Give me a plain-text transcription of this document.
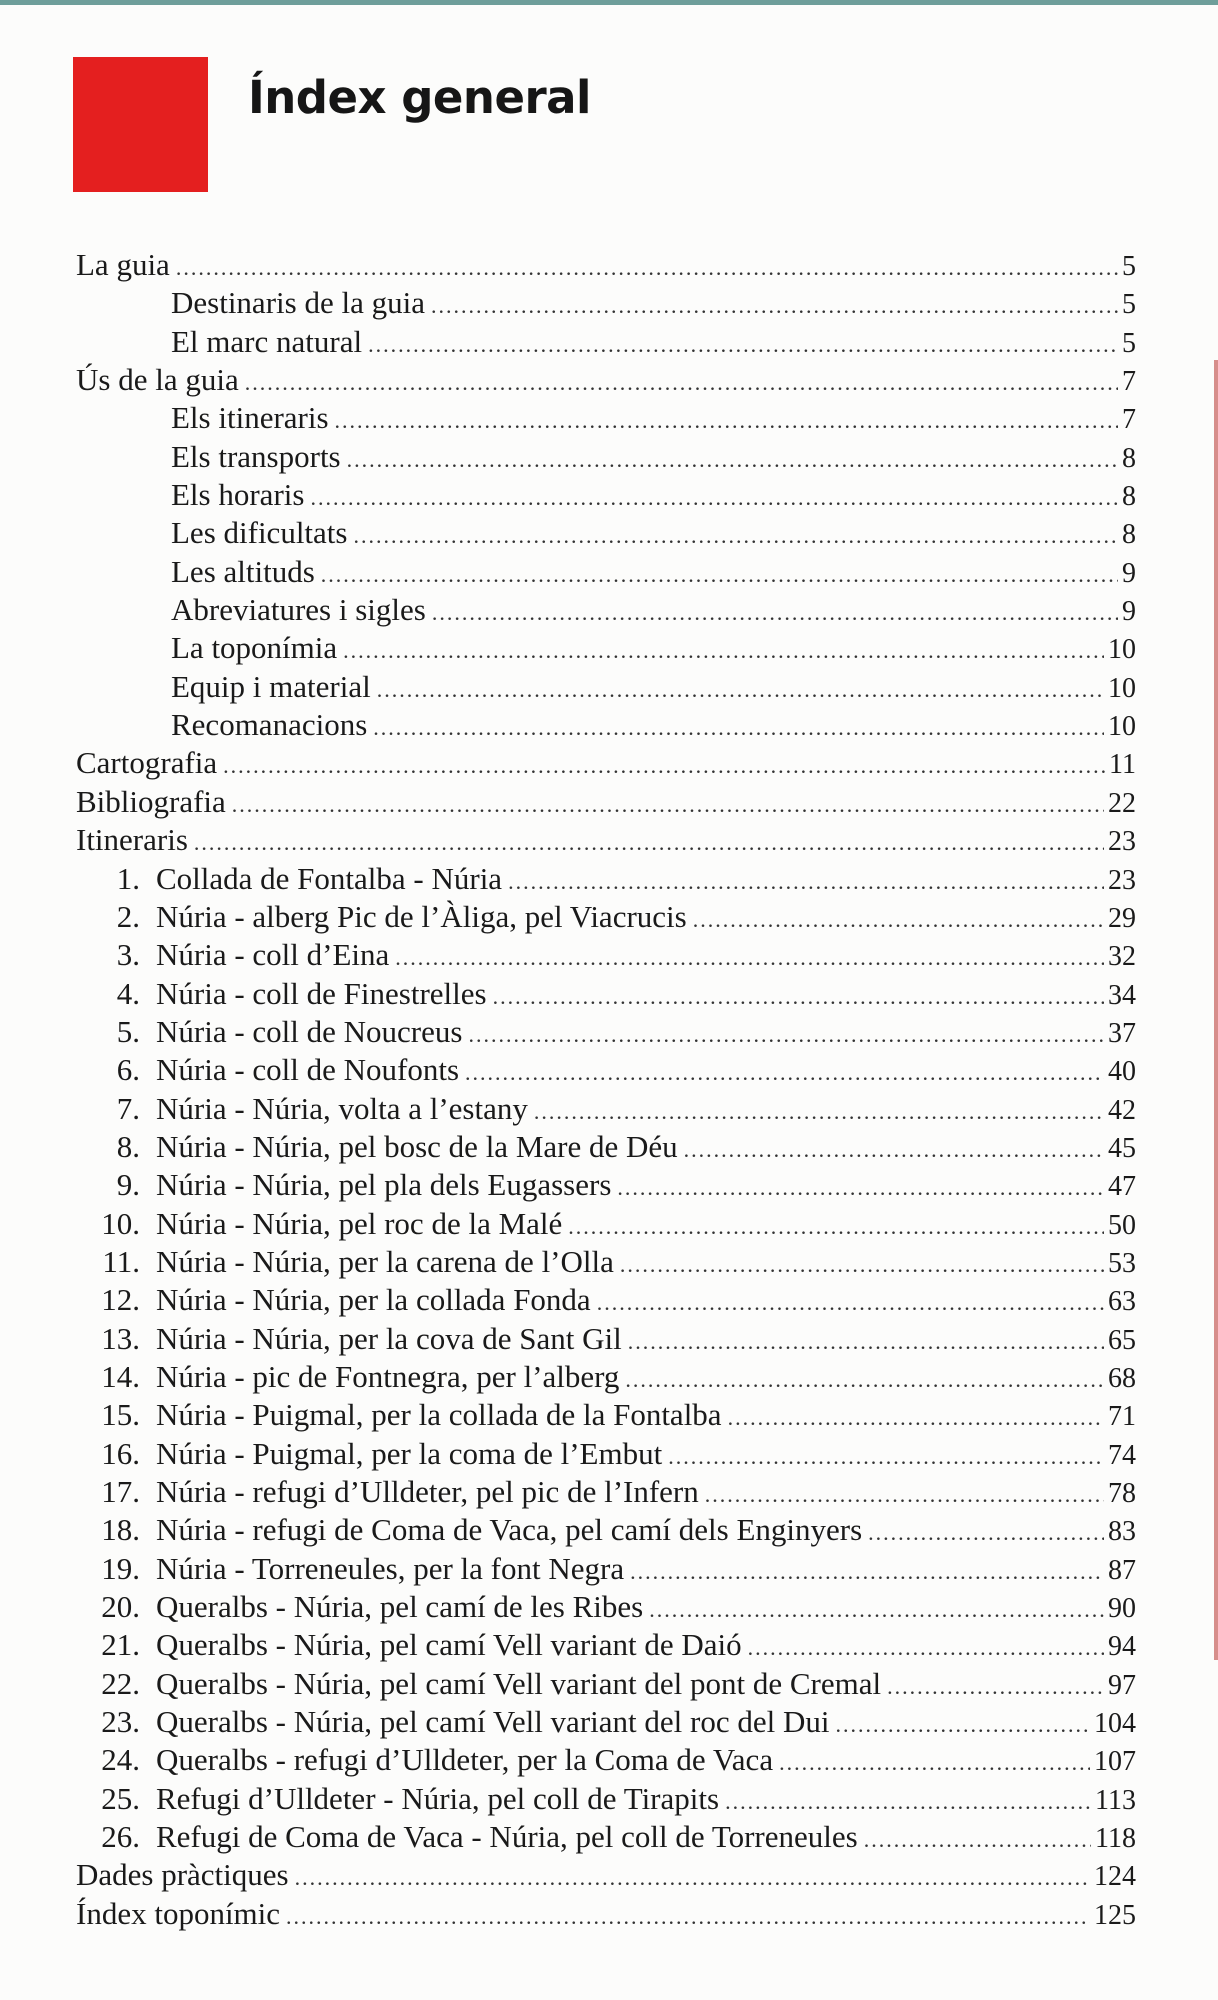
Índex general
La guia .....	5
Destinaris de la guia .....	5
El marc natural .....	5
Ús de la guia .....	7
Els itineraris .....	7
Els transports .....	8
Els horaris .....	8
Les dificultats .....	8
Les altituds .....	9
Abreviatures i sigles .....	9
La toponímia .....	10
Equip i material .....	10
Recomanacions .....	10
Cartografia .....	11
Bibliografia .....	22
Itineraris .....	23
1. Collada de Fontalba - Núria .....	23
2. Núria - alberg Pic de l’Àliga, pel Viacrucis .....	29
3. Núria - coll d’Eina .....	32
4. Núria - coll de Finestrelles .....	34
5. Núria - coll de Noucreus .....	37
6. Núria - coll de Noufonts .....	40
7. Núria - Núria, volta a l’estany .....	42
8. Núria - Núria, pel bosc de la Mare de Déu .....	45
9. Núria - Núria, pel pla dels Eugassers .....	47
10. Núria - Núria, pel roc de la Malé .....	50
11. Núria - Núria, per la carena de l’Olla .....	53
12. Núria - Núria, per la collada Fonda .....	63
13. Núria - Núria, per la cova de Sant Gil .....	65
14. Núria - pic de Fontnegra, per l’alberg .....	68
15. Núria - Puigmal, per la collada de la Fontalba .....	71
16. Núria - Puigmal, per la coma de l’Embut .....	74
17. Núria - refugi d’Ulldeter, pel pic de l’Infern .....	78
18. Núria - refugi de Coma de Vaca, pel camí dels Enginyers .....	83
19. Núria - Torreneules, per la font Negra .....	87
20. Queralbs - Núria, pel camí de les Ribes .....	90
21. Queralbs - Núria, pel camí Vell variant de Daió .....	94
22. Queralbs - Núria, pel camí Vell variant del pont de Cremal .....	97
23. Queralbs - Núria, pel camí Vell variant del roc del Dui .....	104
24. Queralbs - refugi d’Ulldeter, per la Coma de Vaca .....	107
25. Refugi d’Ulldeter - Núria, pel coll de Tirapits .....	113
26. Refugi de Coma de Vaca - Núria, pel coll de Torreneules .....	118
Dades pràctiques .....	124
Índex toponímic .....	125
